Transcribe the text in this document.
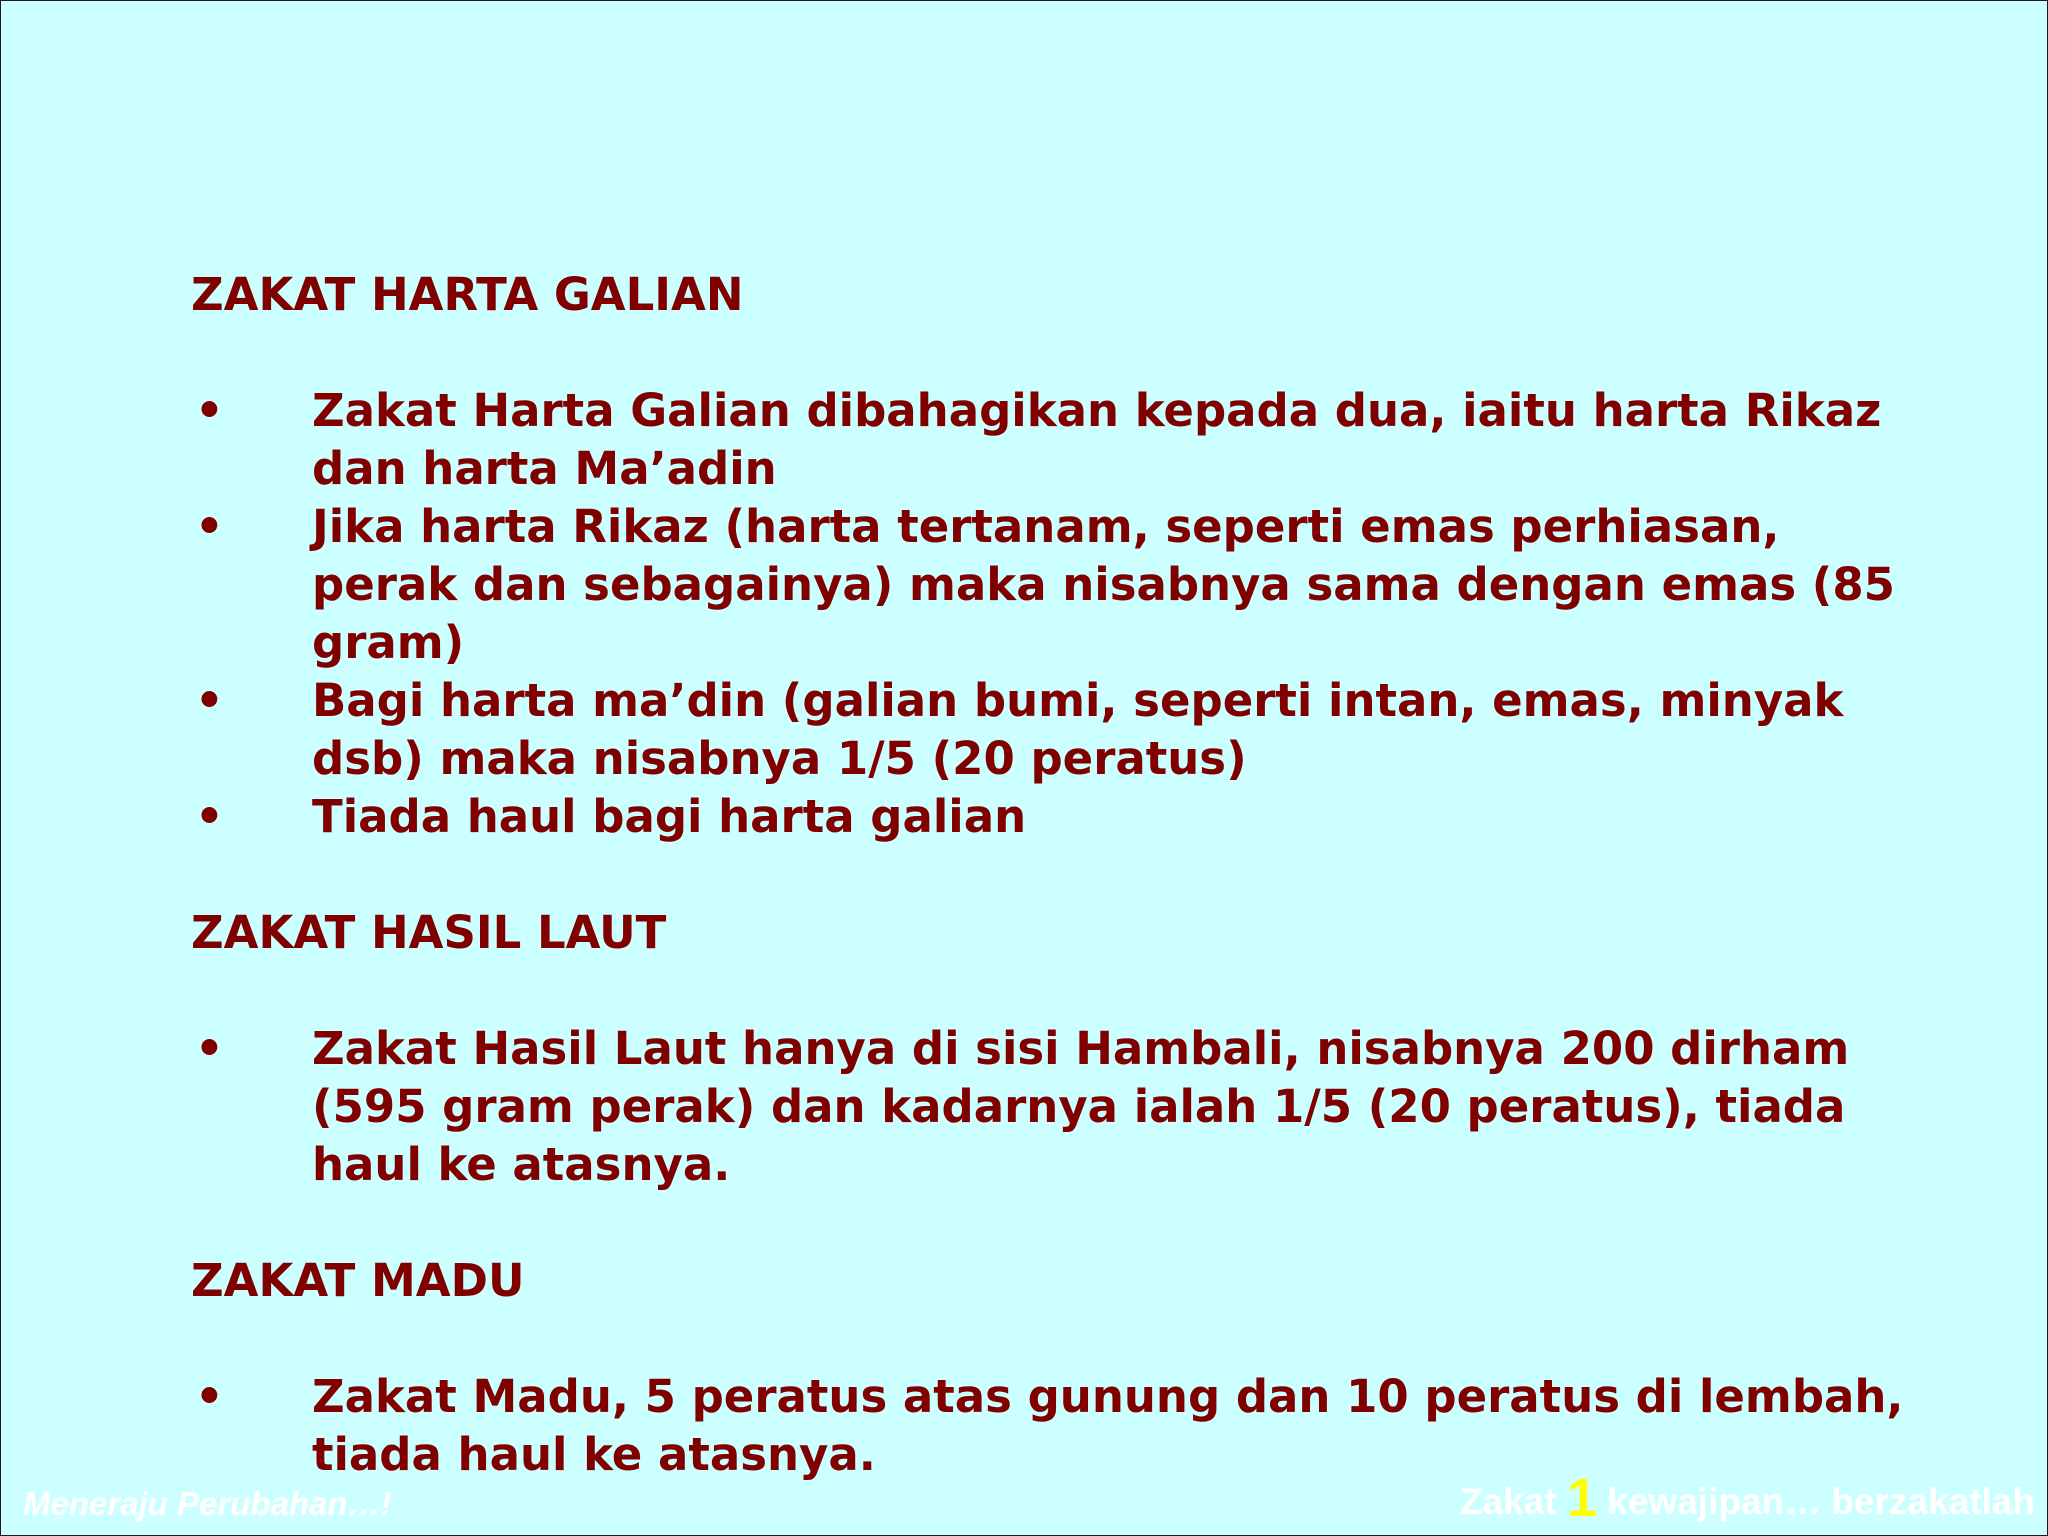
ZAKAT HARTA GALIAN

• Zakat Harta Galian dibahagikan kepada dua, iaitu harta Rikaz dan harta Ma’adin
• Jika harta Rikaz (harta tertanam, seperti emas perhiasan, perak dan sebagainya) maka nisabnya sama dengan emas (85 gram)
• Bagi harta ma’din (galian bumi, seperti intan, emas, minyak dsb) maka nisabnya 1/5 (20 peratus)
• Tiada haul bagi harta galian

ZAKAT HASIL LAUT

• Zakat Hasil Laut hanya di sisi Hambali, nisabnya 200 dirham (595 gram perak) dan kadarnya ialah 1/5 (20 peratus), tiada haul ke atasnya.

ZAKAT MADU

• Zakat Madu, 5 peratus atas gunung dan 10 peratus di lembah, tiada haul ke atasnya.
Meneraju Perubahan…!	Zakat 1 kewajipan… berzakatlah
